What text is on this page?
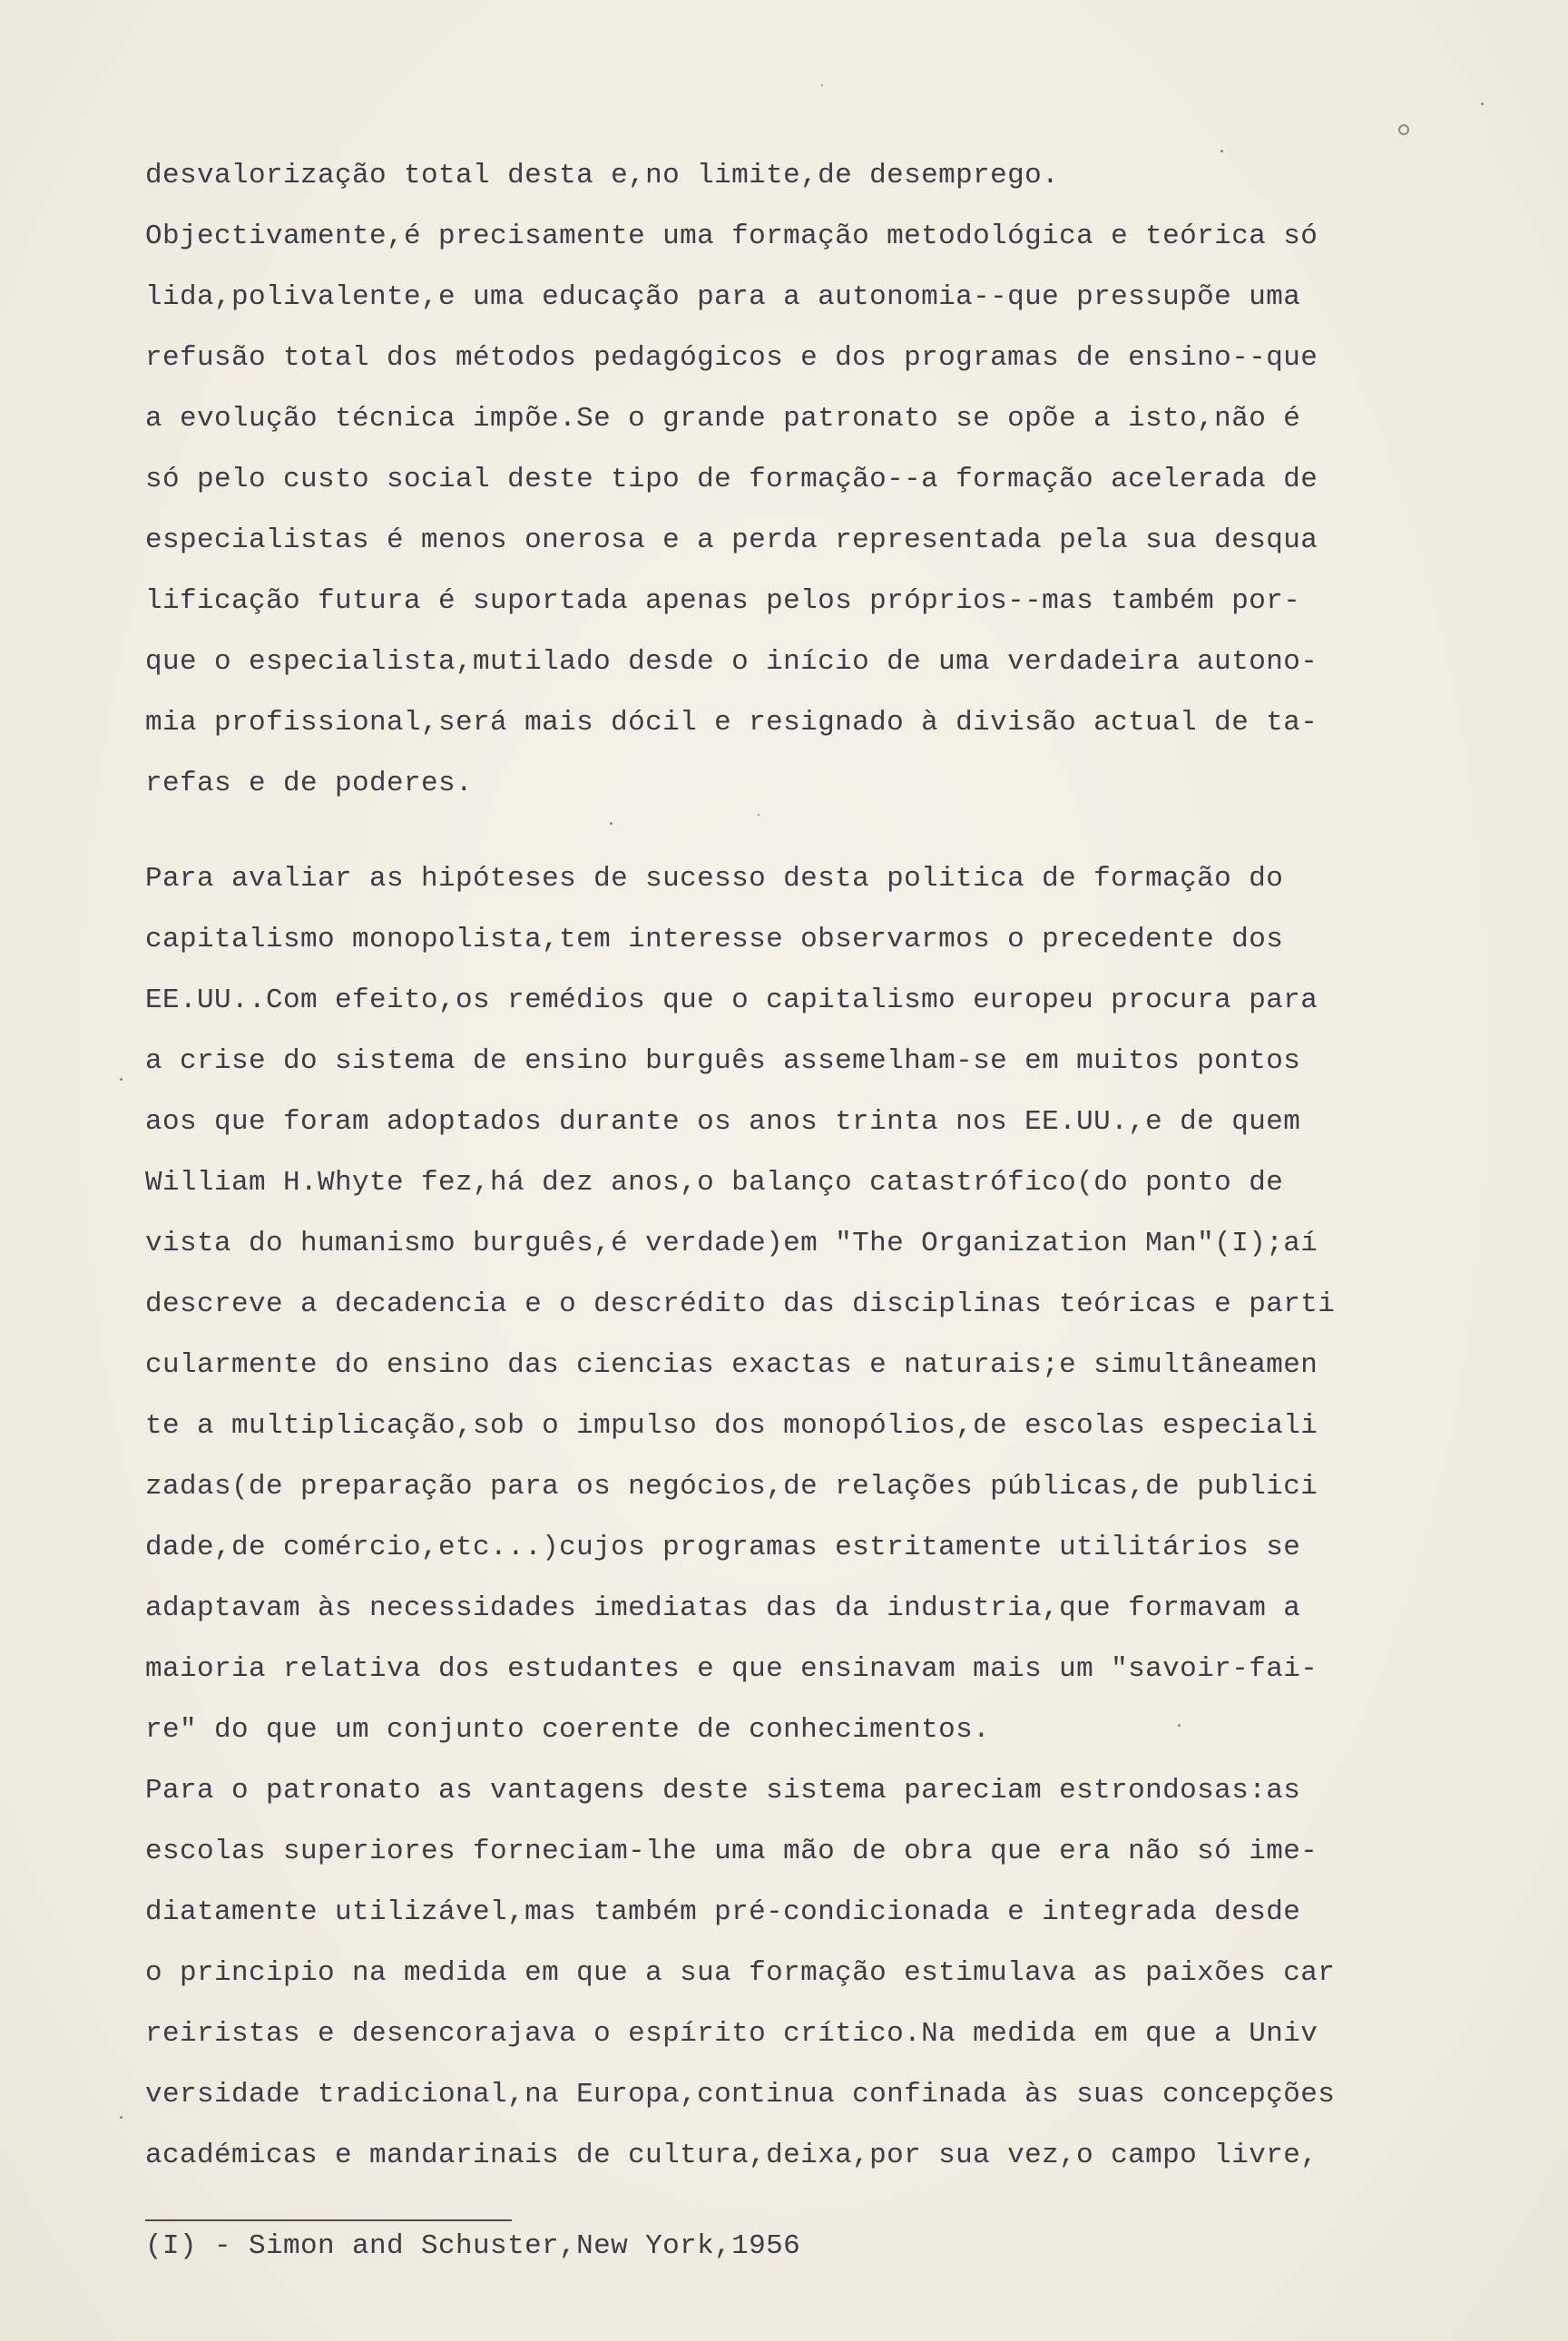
desvalorização total desta e,no limite,de desemprego.
Objectivamente,é precisamente uma formação metodológica e teórica só
lida,polivalente,e uma educação para a autonomia--que pressupõe uma
refusão total dos métodos pedagógicos e dos programas de ensino--que
a evolução técnica impõe.Se o grande patronato se opõe a isto,não é
só pelo custo social deste tipo de formação--a formação acelerada de
especialistas é menos onerosa e a perda representada pela sua desqua
lificação futura é suportada apenas pelos próprios--mas também por-
que o especialista,mutilado desde o início de uma verdadeira autono-
mia profissional,será mais dócil e resignado à divisão actual de ta-
refas e de poderes.
Para avaliar as hipóteses de sucesso desta politica de formação do
capitalismo monopolista,tem interesse observarmos o precedente dos
EE.UU..Com efeito,os remédios que o capitalismo europeu procura para
a crise do sistema de ensino burguês assemelham-se em muitos pontos
aos que foram adoptados durante os anos trinta nos EE.UU.,e de quem
William H.Whyte fez,há dez anos,o balanço catastrófico(do ponto de
vista do humanismo burguês,é verdade)em "The Organization Man"(I);aí
descreve a decadencia e o descrédito das disciplinas teóricas e parti
cularmente do ensino das ciencias exactas e naturais;e simultâneamen
te a multiplicação,sob o impulso dos monopólios,de escolas especiali
zadas(de preparação para os negócios,de relações públicas,de publici
dade,de comércio,etc...)cujos programas estritamente utilitários se
adaptavam às necessidades imediatas das da industria,que formavam a
maioria relativa dos estudantes e que ensinavam mais um "savoir-fai-
re" do que um conjunto coerente de conhecimentos.
Para o patronato as vantagens deste sistema pareciam estrondosas:as
escolas superiores forneciam-lhe uma mão de obra que era não só ime-
diatamente utilizável,mas também pré-condicionada e integrada desde
o principio na medida em que a sua formação estimulava as paixões car
reiristas e desencorajava o espírito crítico.Na medida em que a Univ
versidade tradicional,na Europa,continua confinada às suas concepções
académicas e mandarinais de cultura,deixa,por sua vez,o campo livre,
(I) - Simon and Schuster,New York,1956
